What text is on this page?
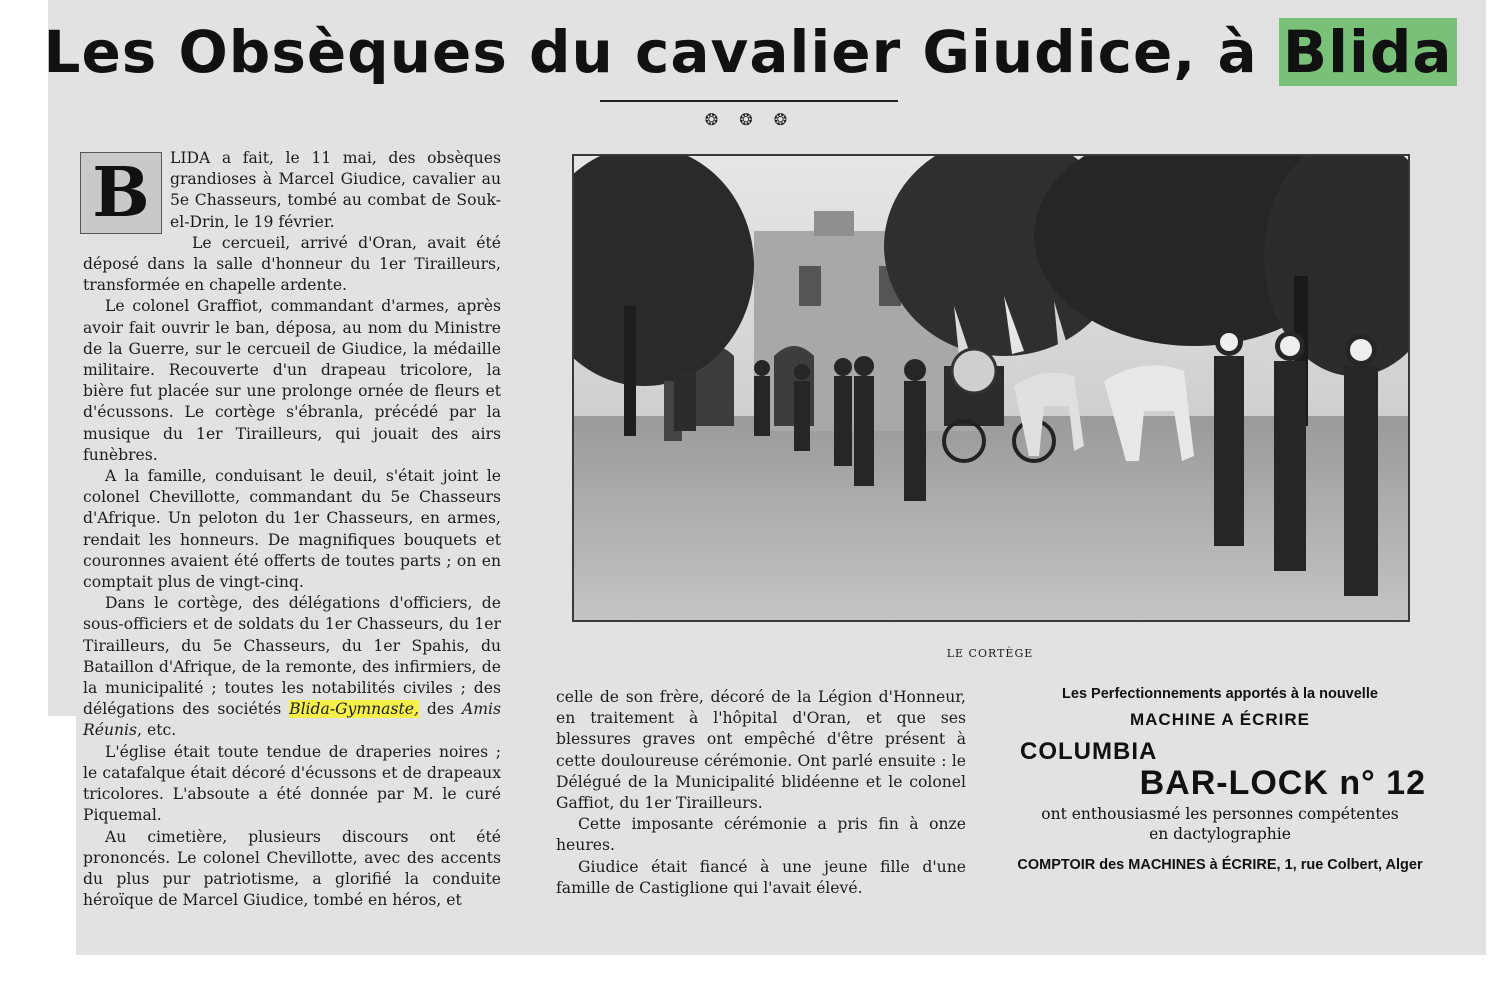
Les Obsèques du cavalier Giudice, à Blida
❂ ❂ ❂
B	LIDA a fait, le 11 mai, des obsèques grandioses à Marcel Giudice, cavalier au 5e Chasseurs, tombé au combat de Souk-el-Drin, le 19 février.

Le cercueil, arrivé d'Oran, avait été déposé dans la salle d'honneur du 1er Tirailleurs, transformée en chapelle ardente.

Le colonel Graffiot, commandant d'armes, après avoir fait ouvrir le ban, déposa, au nom du Ministre de la Guerre, sur le cercueil de Giudice, la médaille militaire. Recouverte d'un drapeau tricolore, la bière fut placée sur une prolonge ornée de fleurs et d'écussons. Le cortège s'ébranla, précédé par la musique du 1er Tirailleurs, qui jouait des airs funèbres.

A la famille, conduisant le deuil, s'était joint le colonel Chevillotte, commandant du 5e Chasseurs d'Afrique. Un peloton du 1er Chasseurs, en armes, rendait les honneurs. De magnifiques bouquets et couronnes avaient été offerts de toutes parts ; on en comptait plus de vingt-cinq.

Dans le cortège, des délégations d'officiers, de sous-officiers et de soldats du 1er Chasseurs, du 1er Tirailleurs, du 5e Chasseurs, du 1er Spahis, du Bataillon d'Afrique, de la remonte, des infirmiers, de la municipalité ; toutes les notabilités civiles ; des délégations des sociétés Blida-Gymnaste, des Amis Réunis, etc.

L'église était toute tendue de draperies noires ; le catafalque était décoré d'écussons et de drapeaux tricolores. L'absoute a été donnée par M. le curé Piquemal.

Au cimetière, plusieurs discours ont été prononcés. Le colonel Chevillotte, avec des accents du plus pur patriotisme, a glorifié la conduite héroïque de Marcel Giudice, tombé en héros, et

LE CORTÈGE

celle de son frère, décoré de la Légion d'Honneur, en traitement à l'hôpital d'Oran, et que ses blessures graves ont empêché d'être présent à cette douloureuse cérémonie. Ont parlé ensuite : le Délégué de la Municipalité blidéenne et le colonel Gaffiot, du 1er Tirailleurs.

Cette imposante cérémonie a pris fin à onze heures.

Giudice était fiancé à une jeune fille d'une famille de Castiglione qui l'avait élevé.

Les Perfectionnements apportés à la nouvelle
MACHINE A ÉCRIRE
COLUMBIA
BAR-LOCK n° 12
ont enthousiasmé les personnes compétentes
en dactylographie
COMPTOIR des MACHINES à ÉCRIRE, 1, rue Colbert, Alger
